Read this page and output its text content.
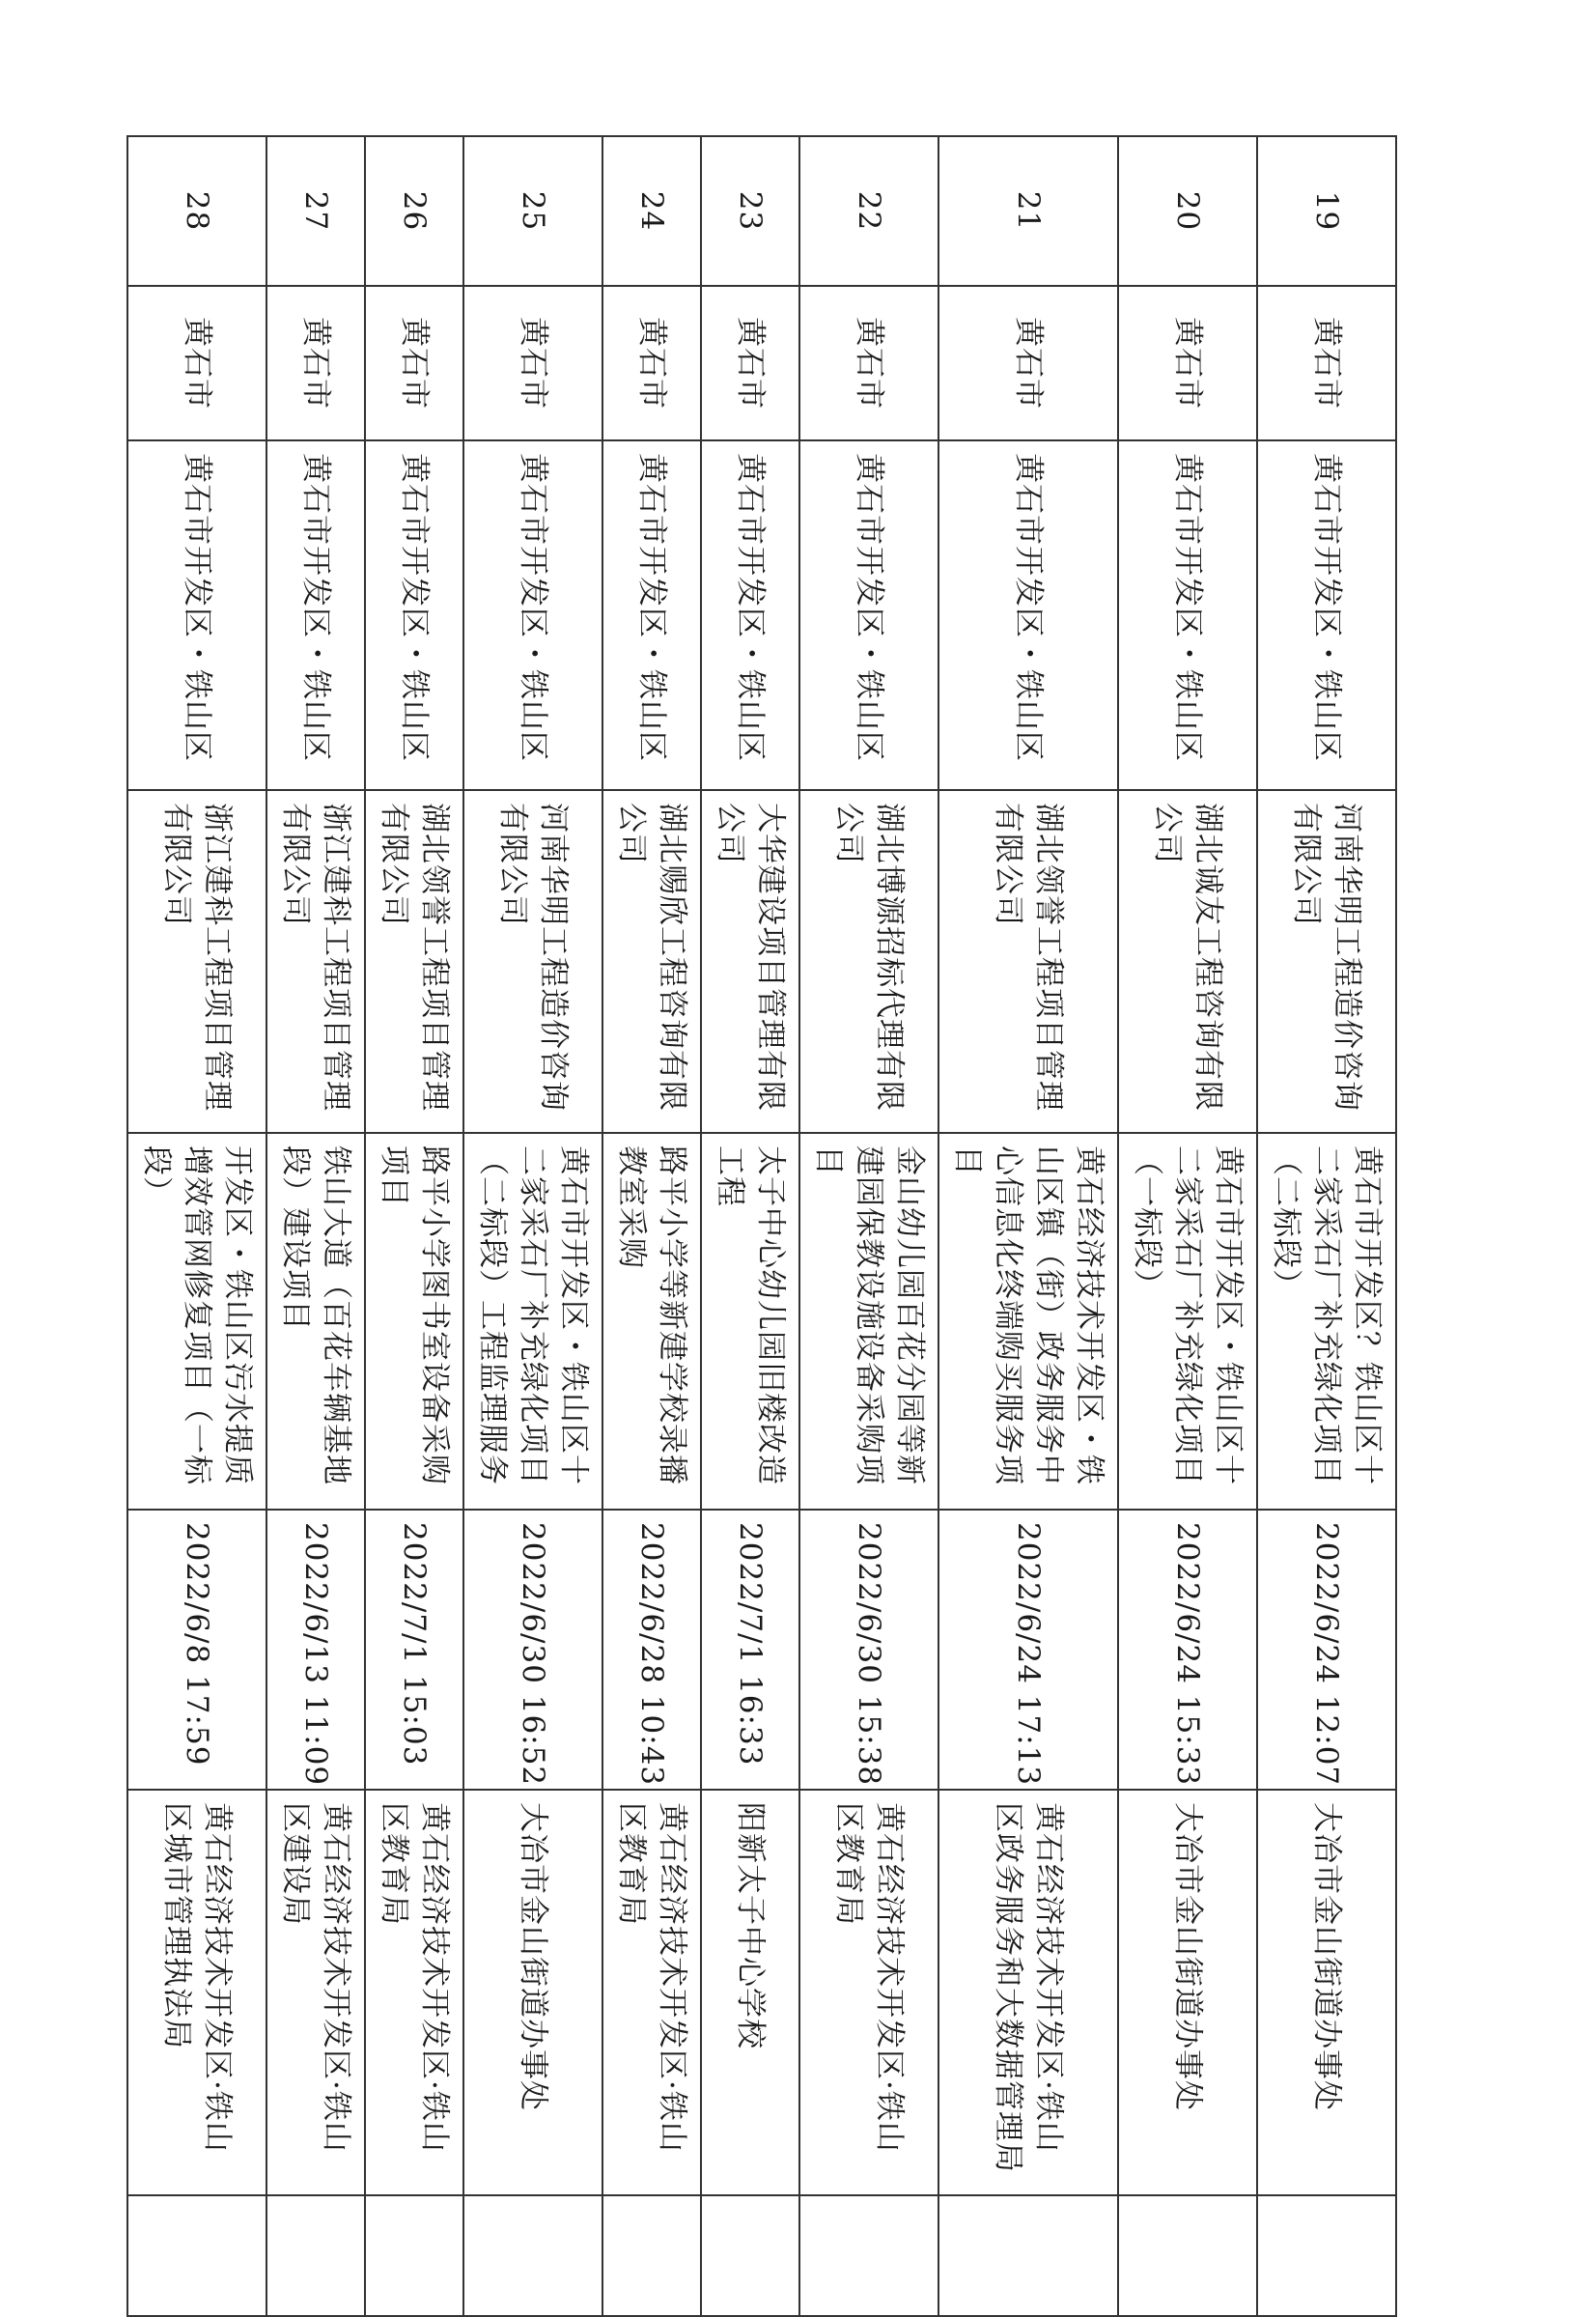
19	黄石市	黄石市开发区・铁山区	河南华明工程造价咨询有限公司	黄石市开发区？铁山区十二家采石厂补充绿化项目（二标段）	2022/6/24 12:07	大冶市金山街道办事处	
20	黄石市	黄石市开发区・铁山区	湖北诚友工程咨询有限公司	黄石市开发区・铁山区十二家采石厂补充绿化项目（一标段）	2022/6/24 15:33	大冶市金山街道办事处	
21	黄石市	黄石市开发区・铁山区	湖北领誉工程项目管理有限公司	黄石经济技术开发区・铁山区镇（街）政务服务中心信息化终端购买服务项目	2022/6/24 17:13	黄石经济技术开发区·铁山区政务服务和大数据管理局	
22	黄石市	黄石市开发区・铁山区	湖北博源招标代理有限公司	金山幼儿园百花分园等新建园保教设施设备采购项目	2022/6/30 15:38	黄石经济技术开发区·铁山区教育局	
23	黄石市	黄石市开发区・铁山区	大华建设项目管理有限公司	太子中心幼儿园旧楼改造工程	2022/7/1 16:33	阳新太子中心学校	
24	黄石市	黄石市开发区・铁山区	湖北赐欣工程咨询有限公司	路平小学等新建学校录播教室采购	2022/6/28 10:43	黄石经济技术开发区·铁山区教育局	
25	黄石市	黄石市开发区・铁山区	河南华明工程造价咨询有限公司	黄石市开发区・铁山区十二家采石厂补充绿化项目（二标段）工程监理服务	2022/6/30 16:52	大冶市金山街道办事处	
26	黄石市	黄石市开发区・铁山区	湖北领誉工程项目管理有限公司	路平小学图书室设备采购项目	2022/7/1 15:03	黄石经济技术开发区·铁山区教育局	
27	黄石市	黄石市开发区・铁山区	浙江建科工程项目管理有限公司	铁山大道（百花车辆基地段）建设项目	2022/6/13 11:09	黄石经济技术开发区·铁山区建设局	
28	黄石市	黄石市开发区・铁山区	浙江建科工程项目管理有限公司	开发区・铁山区污水提质增效管网修复项目（一标段）	2022/6/8 17:59	黄石经济技术开发区·铁山区城市管理执法局	
